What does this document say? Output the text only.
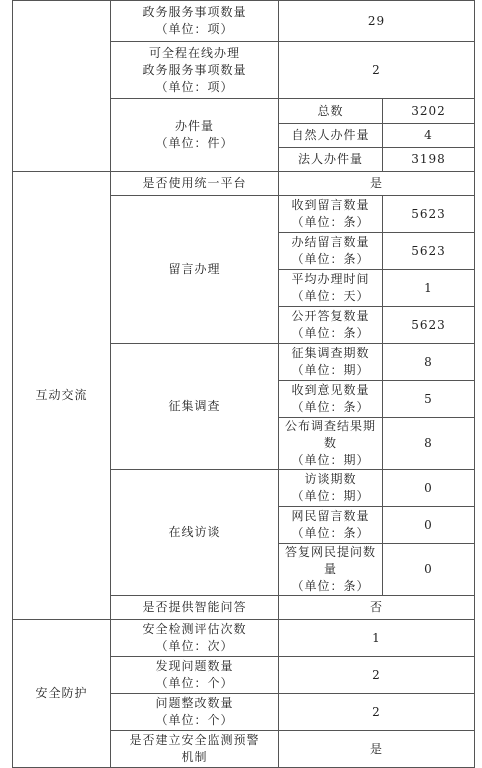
	政务服务事项数量
（单位：项）	29	

	可全程在线办理
政务服务事项数量
（单位：项）	2	

	办件量
（单位：件）	总数	3202
		自然人办件量	4
		法人办件量	3198
互动交流	是否使用统一平台	是	
	留言办理	收到留言数量
（单位：条）	5623

		办结留言数量
（单位：条）	5623

		平均办理时间
（单位：天）	1

		公开答复数量
（单位：条）	5623
	征集调查	征集调查期数
（单位：期）	8

		收到意见数量
（单位：条）	5

		公布调查结果期数
（单位：期）	8
	在线访谈	访谈期数
（单位：期）	0

		网民留言数量
（单位：条）	0

		答复网民提问数量
（单位：条）	0
	是否提供智能问答	否	
安全防护	安全检测评估次数
（单位：次）	1	

	发现问题数量
（单位：个）	2	

	问题整改数量
（单位：个）	2	

	是否建立安全监测预警
机制	是	
